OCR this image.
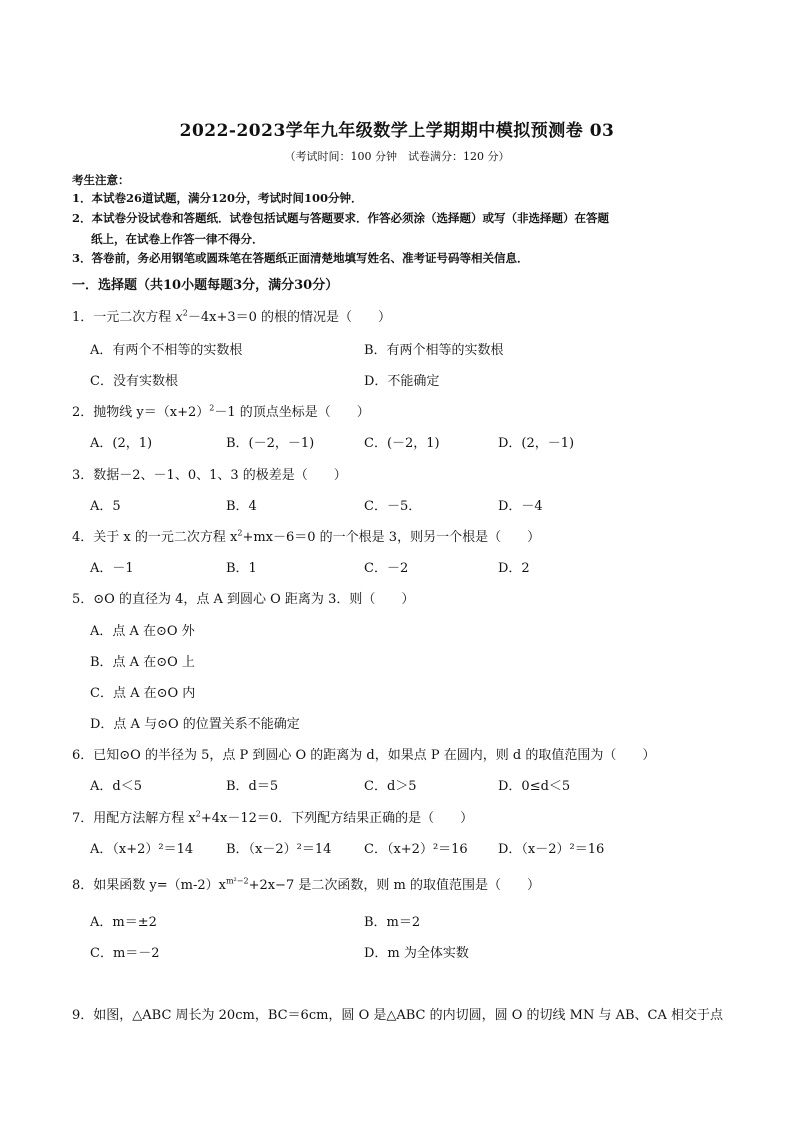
2022-2023学年九年级数学上学期期中模拟预测卷 03
（考试时间：100 分钟　试卷满分：120 分）
考生注意：
1．本试卷26道试题，满分120分，考试时间100分钟．
2．本试卷分设试卷和答题纸．试卷包括试题与答题要求．作答必须涂（选择题）或写（非选择题）在答题
纸上，在试卷上作答一律不得分．
3．答卷前，务必用钢笔或圆珠笔在答题纸正面清楚地填写姓名、准考证号码等相关信息．
一．选择题（共10小题每题3分，满分30分）
1．一元二次方程 $x^2-4x+3=0$ 的根的情况是（　　）
A．有两个不相等的实数根	B．有两个相等的实数根
C．没有实数根	D．不能确定
2．抛物线 $y=(x+2)^2-1$ 的顶点坐标是（　　）
A．(2，1)	B．(－2，－1)	C．(－2，1)	D．(2，－1)
3．数据－2、－1、0、1、3 的极差是（　　）
A．5	B．4	C．－5．	D．－4
4．关于 x 的一元二次方程 $x^2+mx-6=0$ 的一个根是 3，则另一个根是（　　）
A．－1	B．1	C．－2	D．2
5．⊙O 的直径为 4，点 A 到圆心 O 距离为 3．则（　　）
A．点 A 在⊙O 外
B．点 A 在⊙O 上
C．点 A 在⊙O 内
D．点 A 与⊙O 的位置关系不能确定
6．已知⊙O 的半径为 5，点 P 到圆心 O 的距离为 d，如果点 P 在圆内，则 d 的取值范围为（　　）
A．d＜5	B．d＝5	C．d＞5	D．0≤d＜5
7．用配方法解方程 $x^2+4x-12=0$．下列配方结果正确的是（　　）
A．（x+2）²＝14	B．（x－2）²＝14	C．（x+2）²＝16 D．（x－2）²＝16
8．如果函数 $y=(m-2)x^{m^2-2}+2x-7$ 是二次函数，则 m 的取值范围是（　　）
A．m＝±2	B．m＝2
C．m＝－2	D．m 为全体实数
9．如图，△ABC 周长为 20cm，BC＝6cm，圆 O 是△ABC 的内切圆，圆 O 的切线 MN 与 AB、CA 相交于点
